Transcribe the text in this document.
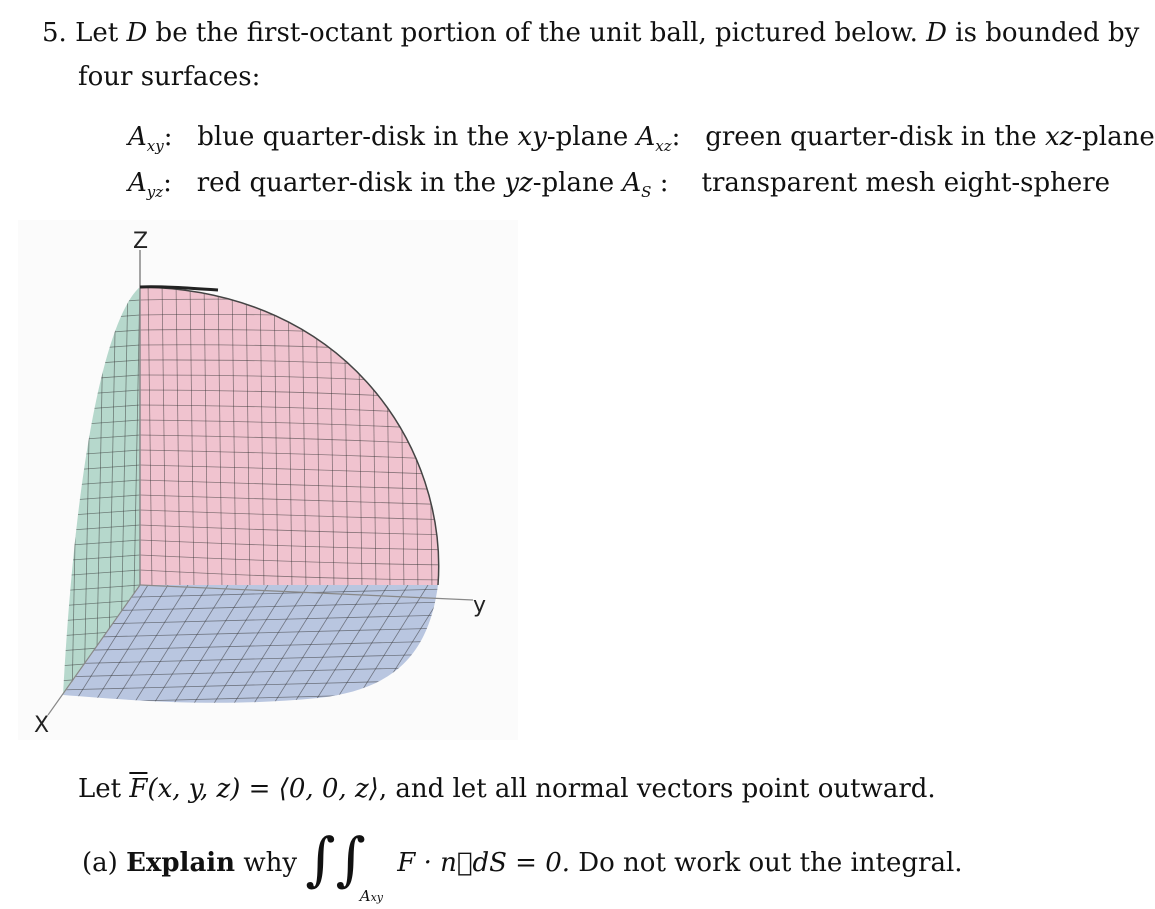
5. Let D be the first-octant portion of the unit ball, pictured below. D is bounded by
four surfaces:
$A_{xy}$: blue quarter-disk in the xy-plane $A_{xz}$: green quarter-disk in the xz-plane
$A_{yz}$: red quarter-disk in the yz-plane $A_S$ : transparent mesh eight-sphere
Z
y
X
Let $\overline{F}(x$, y, z) = ⟨0, 0, z⟩, and let all normal vectors point outward.
(a) Explain why $\int\int_{Axy}$ F · n⃗dS = 0. Do not work out the integral.
